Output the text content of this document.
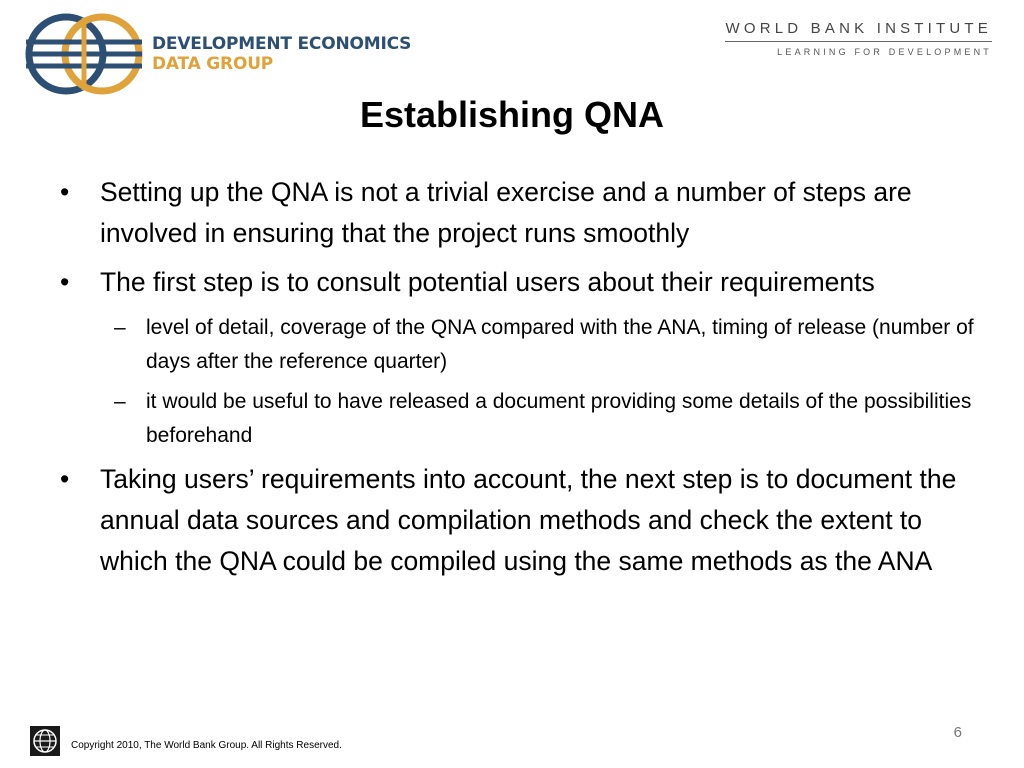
DEVELOPMENT ECONOMICS
DATA GROUP
WORLD BANK INSTITUTE
LEARNING FOR DEVELOPMENT
Establishing QNA
• Setting up the QNA is not a trivial exercise and a number of steps are involved in ensuring that the project runs smoothly
• The first step is to consult potential users about their requirements
– level of detail, coverage of the QNA compared with the ANA, timing of release (number of days after the reference quarter)
– it would be useful to have released a document providing some details of the possibilities beforehand
• Taking users’ requirements into account, the next step is to document the annual data sources and compilation methods and check the extent to which the QNA could be compiled using the same methods as the ANA
Copyright 2010, The World Bank Group. All Rights Reserved.
6
